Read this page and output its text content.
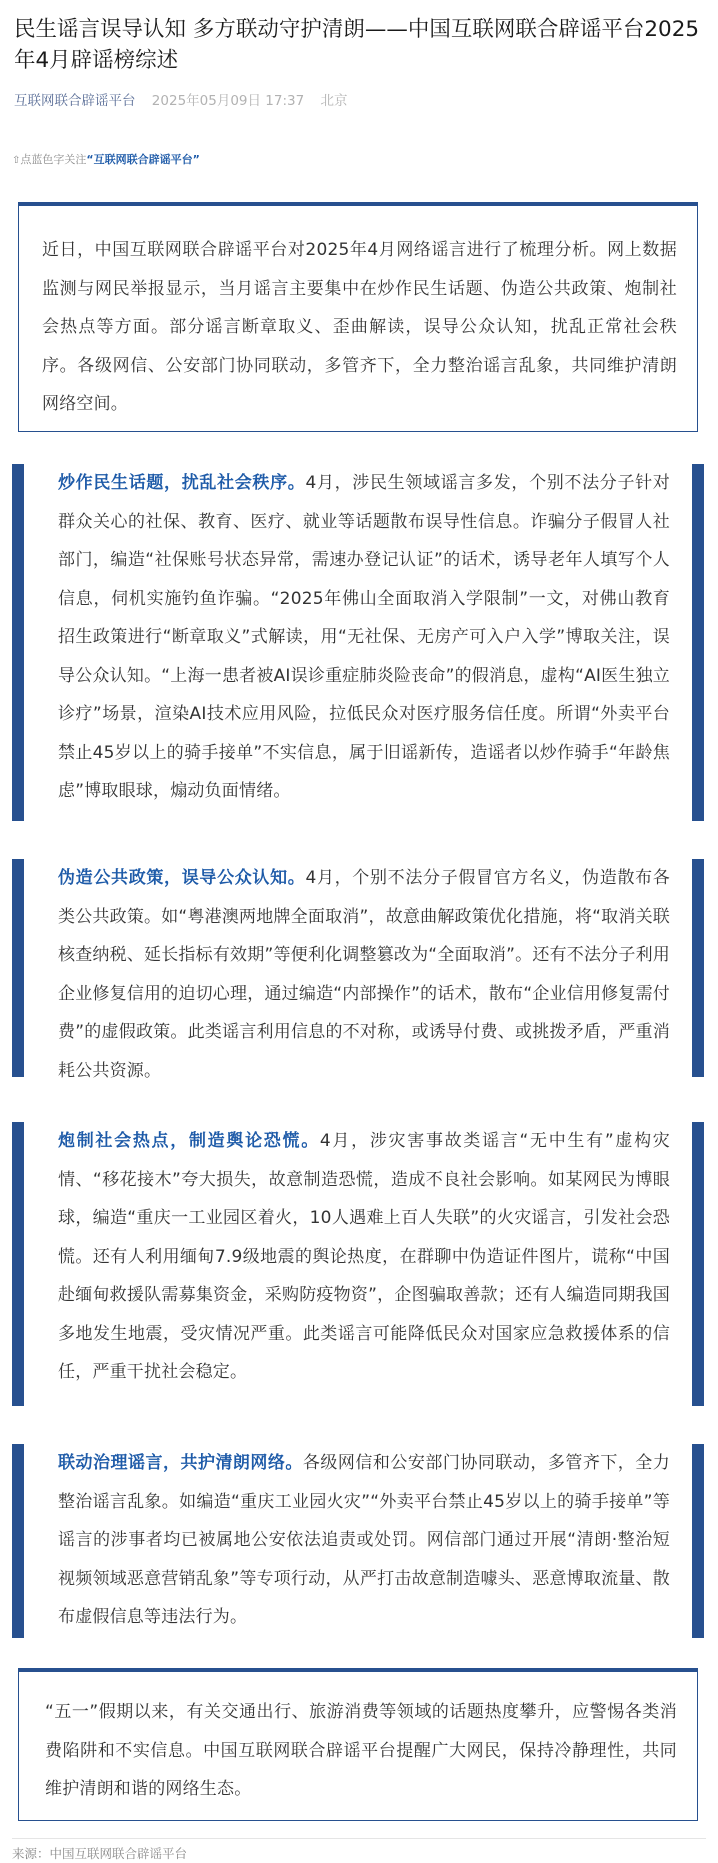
民生谣言误导认知 多方联动守护清朗——中国互联网联合辟谣平台2025年4月辟谣榜综述
互联网联合辟谣平台 2025年05月09日 17:37 北京
⇧点蓝色字关注“互联网联合辟谣平台”

近日，中国互联网联合辟谣平台对2025年4月网络谣言进行了梳理分析。网上数据监测与网民举报显示，当月谣言主要集中在炒作民生话题、伪造公共政策、炮制社会热点等方面。部分谣言断章取义、歪曲解读，误导公众认知，扰乱正常社会秩序。各级网信、公安部门协同联动，多管齐下，全力整治谣言乱象，共同维护清朗网络空间。

炒作民生话题，扰乱社会秩序。4月，涉民生领域谣言多发，个别不法分子针对群众关心的社保、教育、医疗、就业等话题散布误导性信息。诈骗分子假冒人社部门，编造“社保账号状态异常，需速办登记认证”的话术，诱导老年人填写个人信息，伺机实施钓鱼诈骗。“2025年佛山全面取消入学限制”一文，对佛山教育招生政策进行“断章取义”式解读，用“无社保、无房产可入户入学”博取关注，误导公众认知。“上海一患者被AI误诊重症肺炎险丧命”的假消息，虚构“AI医生独立诊疗”场景，渲染AI技术应用风险，拉低民众对医疗服务信任度。所谓“外卖平台禁止45岁以上的骑手接单”不实信息，属于旧谣新传，造谣者以炒作骑手“年龄焦虑”博取眼球，煽动负面情绪。

伪造公共政策，误导公众认知。4月，个别不法分子假冒官方名义，伪造散布各类公共政策。如“粤港澳两地牌全面取消”，故意曲解政策优化措施，将“取消关联核查纳税、延长指标有效期”等便利化调整篡改为“全面取消”。还有不法分子利用企业修复信用的迫切心理，通过编造“内部操作”的话术，散布“企业信用修复需付费”的虚假政策。此类谣言利用信息的不对称，或诱导付费、或挑拨矛盾，严重消耗公共资源。

炮制社会热点，制造舆论恐慌。4月，涉灾害事故类谣言“无中生有”虚构灾情、“移花接木”夸大损失，故意制造恐慌，造成不良社会影响。如某网民为博眼球，编造“重庆一工业园区着火，10人遇难上百人失联”的火灾谣言，引发社会恐慌。还有人利用缅甸7.9级地震的舆论热度，在群聊中伪造证件图片，谎称“中国赴缅甸救援队需募集资金，采购防疫物资”，企图骗取善款；还有人编造同期我国多地发生地震，受灾情况严重。此类谣言可能降低民众对国家应急救援体系的信任，严重干扰社会稳定。

联动治理谣言，共护清朗网络。各级网信和公安部门协同联动，多管齐下，全力整治谣言乱象。如编造“重庆工业园火灾”“外卖平台禁止45岁以上的骑手接单”等谣言的涉事者均已被属地公安依法追责或处罚。网信部门通过开展“清朗·整治短视频领域恶意营销乱象”等专项行动，从严打击故意制造噱头、恶意博取流量、散布虚假信息等违法行为。

“五一”假期以来，有关交通出行、旅游消费等领域的话题热度攀升，应警惕各类消费陷阱和不实信息。中国互联网联合辟谣平台提醒广大网民，保持冷静理性，共同维护清朗和谐的网络生态。

来源：中国互联网联合辟谣平台
